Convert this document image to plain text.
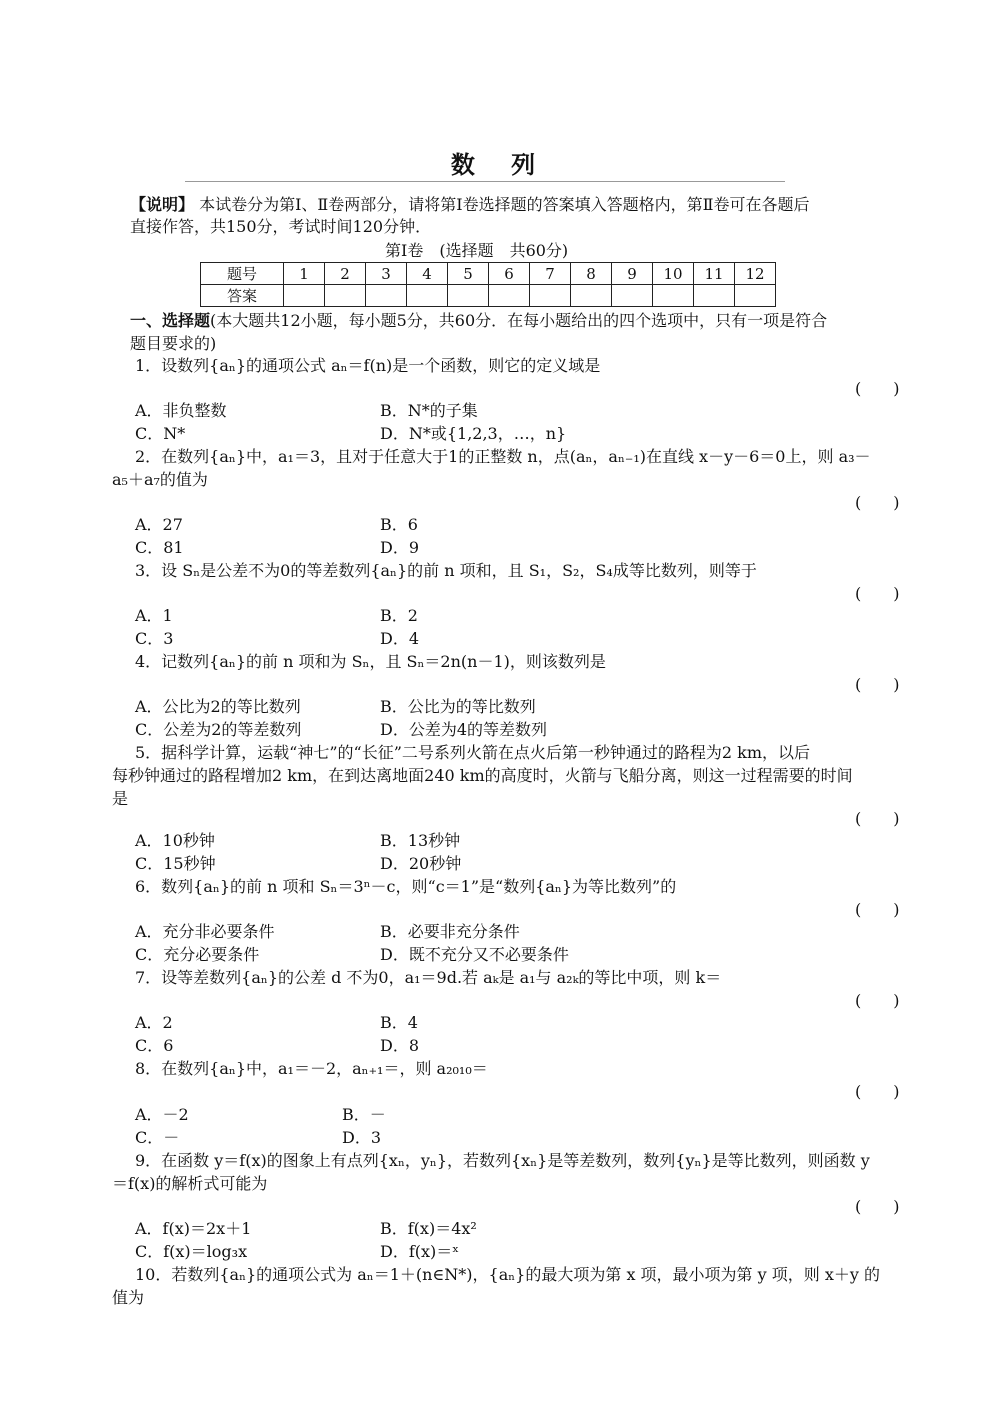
数 列
【说明】 本试卷分为第Ⅰ、Ⅱ卷两部分，请将第Ⅰ卷选择题的答案填入答题格内，第Ⅱ卷可在各题后
直接作答，共150分，考试时间120分钟．
第Ⅰ卷　(选择题　共60分)
题号	1	2	3	4	5	6	7	8	9	10	11	12
答案												
一、选择题(本大题共12小题，每小题5分，共60分．在每小题给出的四个选项中，只有一项是符合
题目要求的)
1．设数列{aₙ}的通项公式 aₙ＝f(n)是一个函数，则它的定义域是
(　　)
A．非负整数	B．N*的子集
C．N*	D．N*或{1,2,3，…，n}
2．在数列{aₙ}中，a₁＝3，且对于任意大于1的正整数 n，点(aₙ，aₙ₋₁)在直线 x－y－6＝0上，则 a₃－
a₅＋a₇的值为
(　　)
A．27	B．6
C．81	D．9
3．设 Sₙ是公差不为0的等差数列{aₙ}的前 n 项和，且 S₁，S₂，S₄成等比数列，则等于
(　　)
A．1	B．2
C．3	D．4
4．记数列{aₙ}的前 n 项和为 Sₙ，且 Sₙ＝2n(n－1)，则该数列是
(　　)
A．公比为2的等比数列	B．公比为的等比数列
C．公差为2的等差数列	D．公差为4的等差数列
5．据科学计算，运载“神七”的“长征”二号系列火箭在点火后第一秒钟通过的路程为2 km，以后
每秒钟通过的路程增加2 km，在到达离地面240 km的高度时，火箭与飞船分离，则这一过程需要的时间
是
(　　)
A．10秒钟	B．13秒钟
C．15秒钟	D．20秒钟
6．数列{aₙ}的前 n 项和 Sₙ＝3ⁿ－c，则“c＝1”是“数列{aₙ}为等比数列”的
(　　)
A．充分非必要条件	B．必要非充分条件
C．充分必要条件	D．既不充分又不必要条件
7．设等差数列{aₙ}的公差 d 不为0，a₁＝9d.若 aₖ是 a₁与 a₂ₖ的等比中项，则 k＝
(　　)
A．2	B．4
C．6	D．8
8．在数列{aₙ}中，a₁＝－2，aₙ₊₁＝，则 a₂₀₁₀＝
(　　)
A．－2	B．－
C．－	D．3
9．在函数 y＝f(x)的图象上有点列{xₙ，yₙ}，若数列{xₙ}是等差数列，数列{yₙ}是等比数列，则函数 y
＝f(x)的解析式可能为
(　　)
A．f(x)＝2x＋1	B．f(x)＝4x²
C．f(x)＝log₃x	D．f(x)＝ˣ
10．若数列{aₙ}的通项公式为 aₙ＝1＋(n∈N*)，{aₙ}的最大项为第 x 项，最小项为第 y 项，则 x＋y 的
值为
